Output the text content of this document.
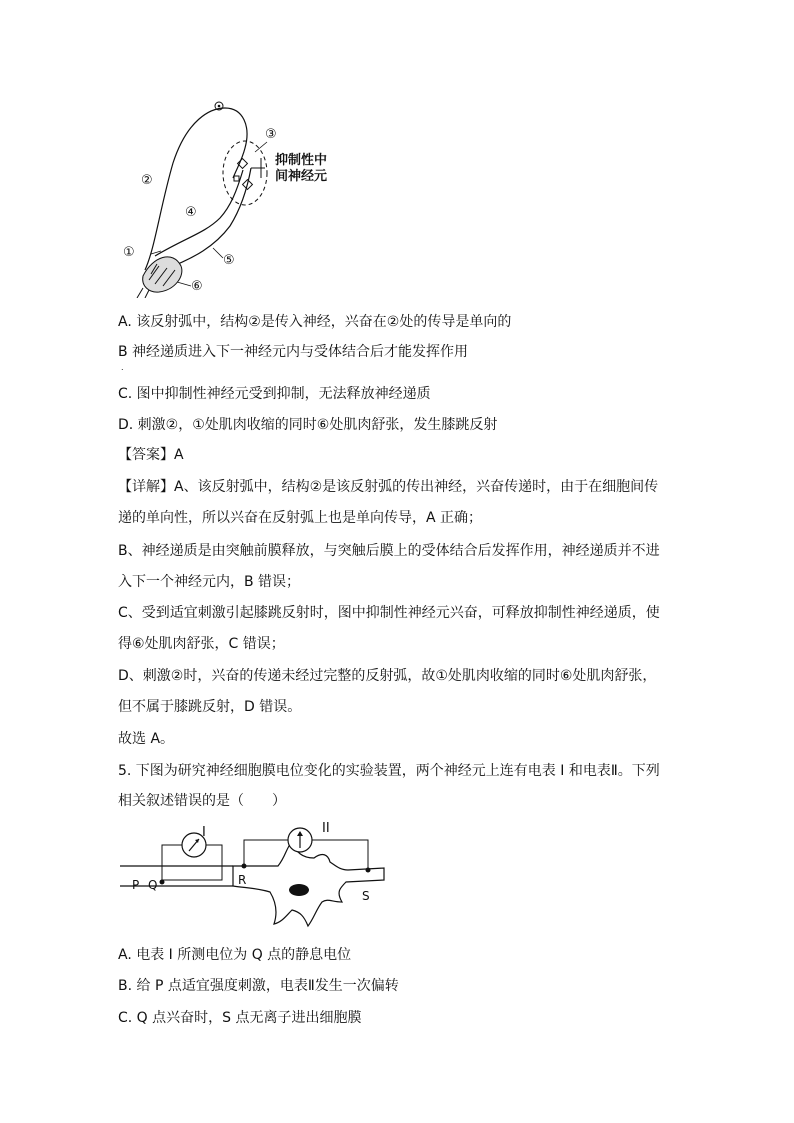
①
②
③
④
⑤
⑥
抑制性中
间神经元
A. 该反射弧中，结构②是传入神经，兴奋在②处的传导是单向的
B 神经递质进入下一神经元内与受体结合后才能发挥作用
.
C. 图中抑制性神经元受到抑制，无法释放神经递质
D. 刺激②，①处肌肉收缩的同时⑥处肌肉舒张，发生膝跳反射
【答案】A
【详解】A、该反射弧中，结构②是该反射弧的传出神经，兴奋传递时，由于在细胞间传
递的单向性，所以兴奋在反射弧上也是单向传导，A 正确；
B、神经递质是由突触前膜释放，与突触后膜上的受体结合后发挥作用，神经递质并不进
入下一个神经元内，B 错误；
C、受到适宜刺激引起膝跳反射时，图中抑制性神经元兴奋，可释放抑制性神经递质，使
得⑥处肌肉舒张，C 错误；
D、刺激②时，兴奋的传递未经过完整的反射弧，故①处肌肉收缩的同时⑥处肌肉舒张，
但不属于膝跳反射，D 错误。
故选 A。
5. 下图为研究神经细胞膜电位变化的实验装置，两个神经元上连有电表 I 和电表Ⅱ。下列
相关叙述错误的是（　　）
I	II
P Q	R
S
A. 电表 I 所测电位为 Q 点的静息电位
B. 给 P 点适宜强度刺激，电表Ⅱ发生一次偏转
C. Q 点兴奋时，S 点无离子进出细胞膜
